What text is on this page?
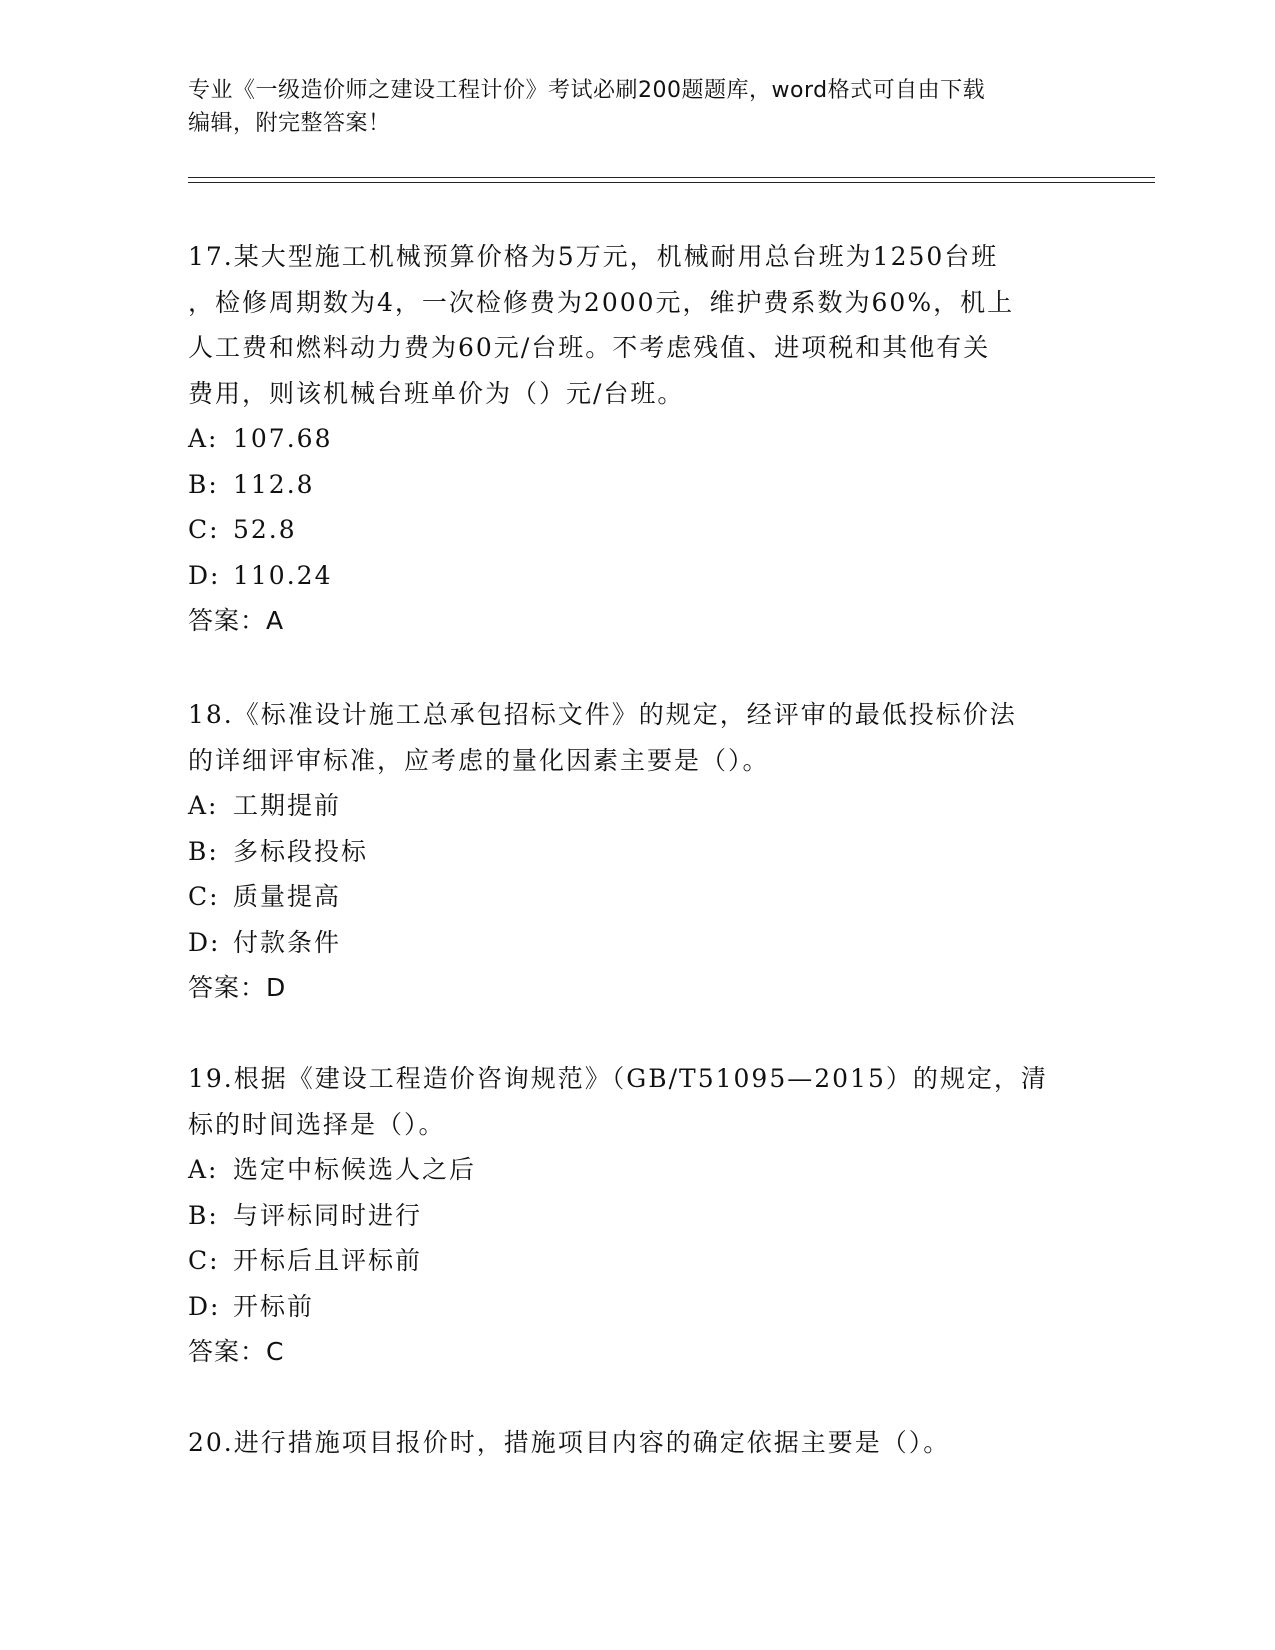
专业《一级造价师之建设工程计价》考试必刷200题题库，word格式可自由下载
编辑，附完整答案！
17.某大型施工机械预算价格为5万元，机械耐用总台班为1250台班
，检修周期数为4，一次检修费为2000元，维护费系数为60%，机上
人工费和燃料动力费为60元/台班。不考虑残值、进项税和其他有关
费用，则该机械台班单价为（）元/台班。
A: 107.68
B: 112.8
C: 52.8
D: 110.24
答案：A
18.《标准设计施工总承包招标文件》的规定，经评审的最低投标价法
的详细评审标准，应考虑的量化因素主要是（）。
A: 工期提前
B: 多标段投标
C: 质量提高
D: 付款条件
答案：D
19.根据《建设工程造价咨询规范》（GB/T51095—2015）的规定，清
标的时间选择是（）。
A: 选定中标候选人之后
B: 与评标同时进行
C: 开标后且评标前
D: 开标前
答案：C
20.进行措施项目报价时，措施项目内容的确定依据主要是（）。
